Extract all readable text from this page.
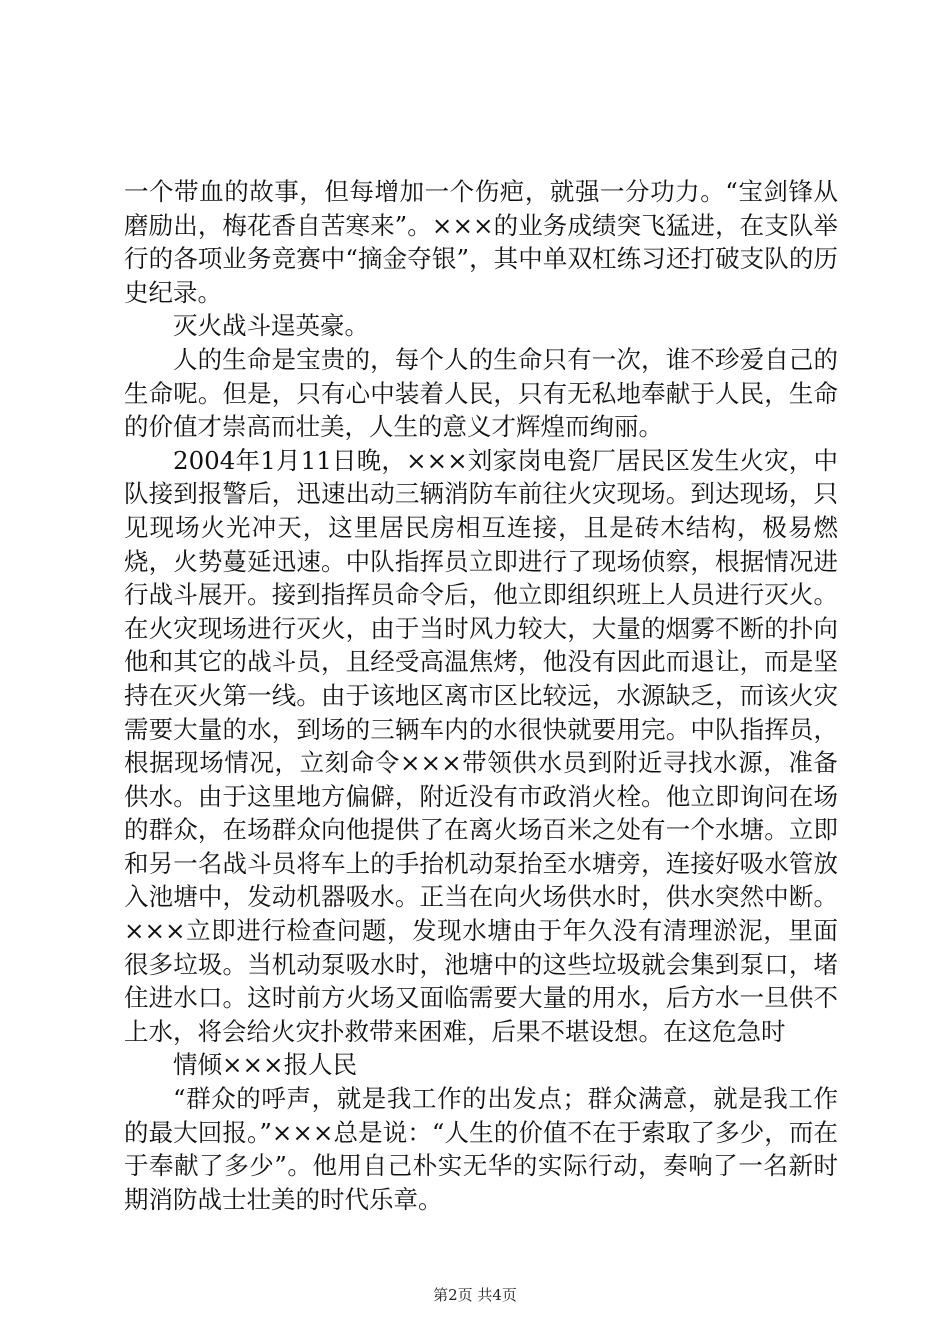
一个带血的故事，但每增加一个伤疤，就强一分功力。“宝剑锋从磨励出，梅花香自苦寒来”。×××的业务成绩突飞猛进，在支队举行的各项业务竞赛中“摘金夺银”，其中单双杠练习还打破支队的历史纪录。

灭火战斗逞英豪。

人的生命是宝贵的，每个人的生命只有一次，谁不珍爱自己的生命呢。但是，只有心中装着人民，只有无私地奉献于人民，生命的价值才崇高而壮美，人生的意义才辉煌而绚丽。

2004年1月11日晚，×××刘家岗电瓷厂居民区发生火灾，中队接到报警后，迅速出动三辆消防车前往火灾现场。到达现场，只见现场火光冲天，这里居民房相互连接，且是砖木结构，极易燃烧，火势蔓延迅速。中队指挥员立即进行了现场侦察，根据情况进行战斗展开。接到指挥员命令后，他立即组织班上人员进行灭火。在火灾现场进行灭火，由于当时风力较大，大量的烟雾不断的扑向他和其它的战斗员，且经受高温焦烤，他没有因此而退让，而是坚持在灭火第一线。由于该地区离市区比较远，水源缺乏，而该火灾需要大量的水，到场的三辆车内的水很快就要用完。中队指挥员，根据现场情况，立刻命令×××带领供水员到附近寻找水源，准备供水。由于这里地方偏僻，附近没有市政消火栓。他立即询问在场的群众，在场群众向他提供了在离火场百米之处有一个水塘。立即和另一名战斗员将车上的手抬机动泵抬至水塘旁，连接好吸水管放入池塘中，发动机器吸水。正当在向火场供水时，供水突然中断。×××立即进行检查问题，发现水塘由于年久没有清理淤泥，里面很多垃圾。当机动泵吸水时，池塘中的这些垃圾就会集到泵口，堵住进水口。这时前方火场又面临需要大量的用水，后方水一旦供不上水，将会给火灾扑救带来困难，后果不堪设想。在这危急时

情倾×××报人民

“群众的呼声，就是我工作的出发点；群众满意，就是我工作的最大回报。”×××总是说：“人生的价值不在于索取了多少，而在于奉献了多少”。他用自己朴实无华的实际行动，奏响了一名新时期消防战士壮美的时代乐章。

第2页 共4页
